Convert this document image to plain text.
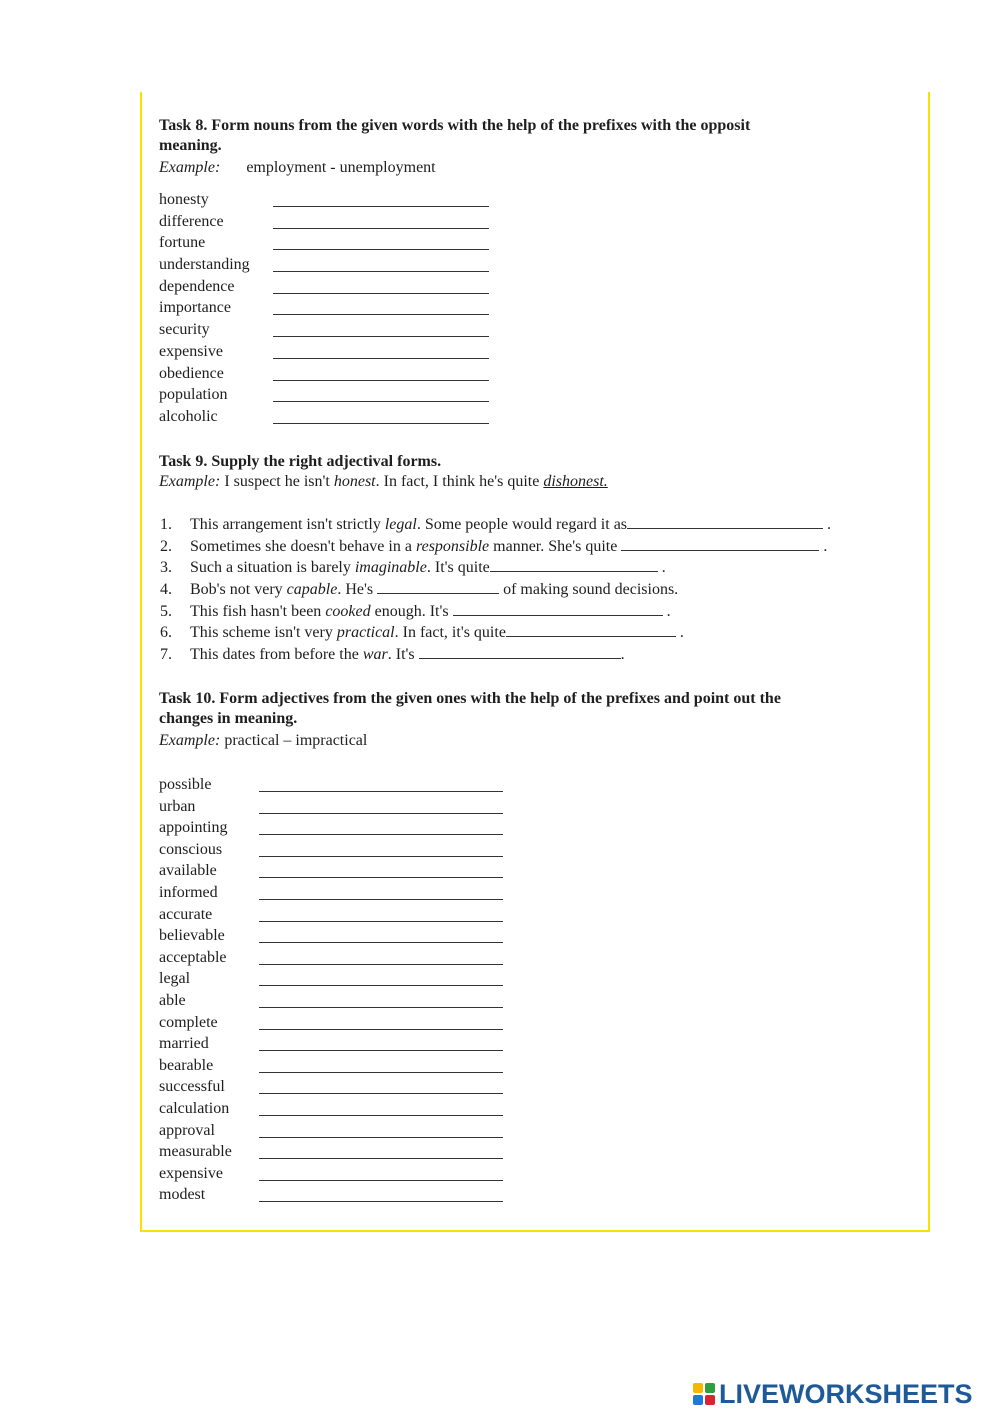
Task 8. Form nouns from the given words with the help of the prefixes with the opposit
meaning.
Example: employment - unemployment
honesty
difference
fortune
understanding
dependence
importance
security
expensive
obedience
population
alcoholic
Task 9. Supply the right adjectival forms.
Example: I suspect he isn't honest. In fact, I think he's quite dishonest.
1. This arrangement isn't strictly legal. Some people would regard it as	.
2. Sometimes she doesn't behave in a responsible manner. She's quite	.
3. Such a situation is barely imaginable. It's quite	.
4. Bob's not very capable. He's	of making sound decisions.
5. This fish hasn't been cooked enough. It's	.
6. This scheme isn't very practical. In fact, it's quite	.
7. This dates from before the war. It's	.
Task 10. Form adjectives from the given ones with the help of the prefixes and point out the
changes in meaning.
Example: practical – impractical
possible
urban
appointing
conscious
available
informed
accurate
believable
acceptable
legal
able
complete
married
bearable
successful
calculation
approval
measurable
expensive
modest
LIVEWORKSHEETS
